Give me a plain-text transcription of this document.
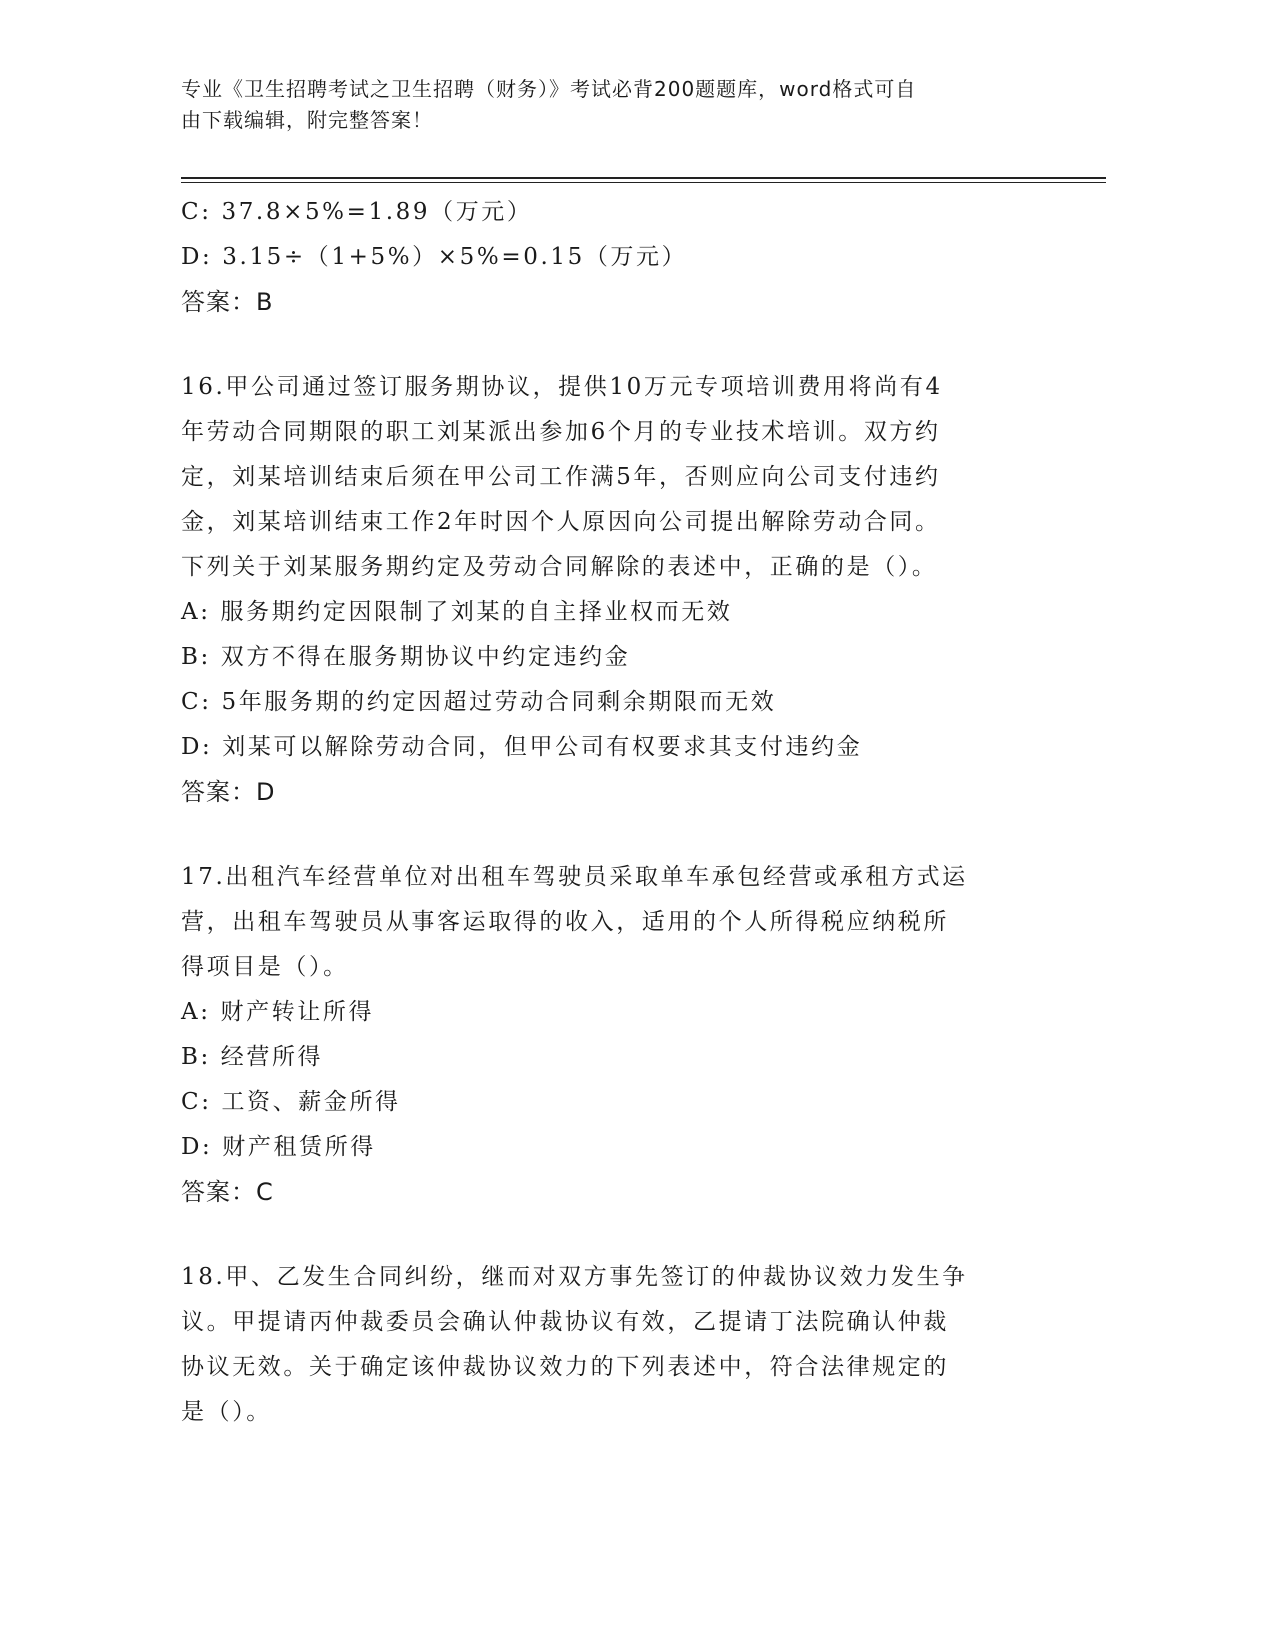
专业《卫生招聘考试之卫生招聘（财务）》考试必背200题题库，word格式可自
由下载编辑，附完整答案！
C: 37.8×5%=1.89（万元）
D: 3.15÷（1+5%）×5%=0.15（万元）
答案：B
16.甲公司通过签订服务期协议，提供10万元专项培训费用将尚有4
年劳动合同期限的职工刘某派出参加6个月的专业技术培训。双方约
定，刘某培训结束后须在甲公司工作满5年，否则应向公司支付违约
金，刘某培训结束工作2年时因个人原因向公司提出解除劳动合同。
下列关于刘某服务期约定及劳动合同解除的表述中，正确的是（）。
A: 服务期约定因限制了刘某的自主择业权而无效
B: 双方不得在服务期协议中约定违约金
C: 5年服务期的约定因超过劳动合同剩余期限而无效
D: 刘某可以解除劳动合同，但甲公司有权要求其支付违约金
答案：D
17.出租汽车经营单位对出租车驾驶员采取单车承包经营或承租方式运
营，出租车驾驶员从事客运取得的收入，适用的个人所得税应纳税所
得项目是（）。
A: 财产转让所得
B: 经营所得
C: 工资、薪金所得
D: 财产租赁所得
答案：C
18.甲、乙发生合同纠纷，继而对双方事先签订的仲裁协议效力发生争
议。甲提请丙仲裁委员会确认仲裁协议有效，乙提请丁法院确认仲裁
协议无效。关于确定该仲裁协议效力的下列表述中，符合法律规定的
是（）。
